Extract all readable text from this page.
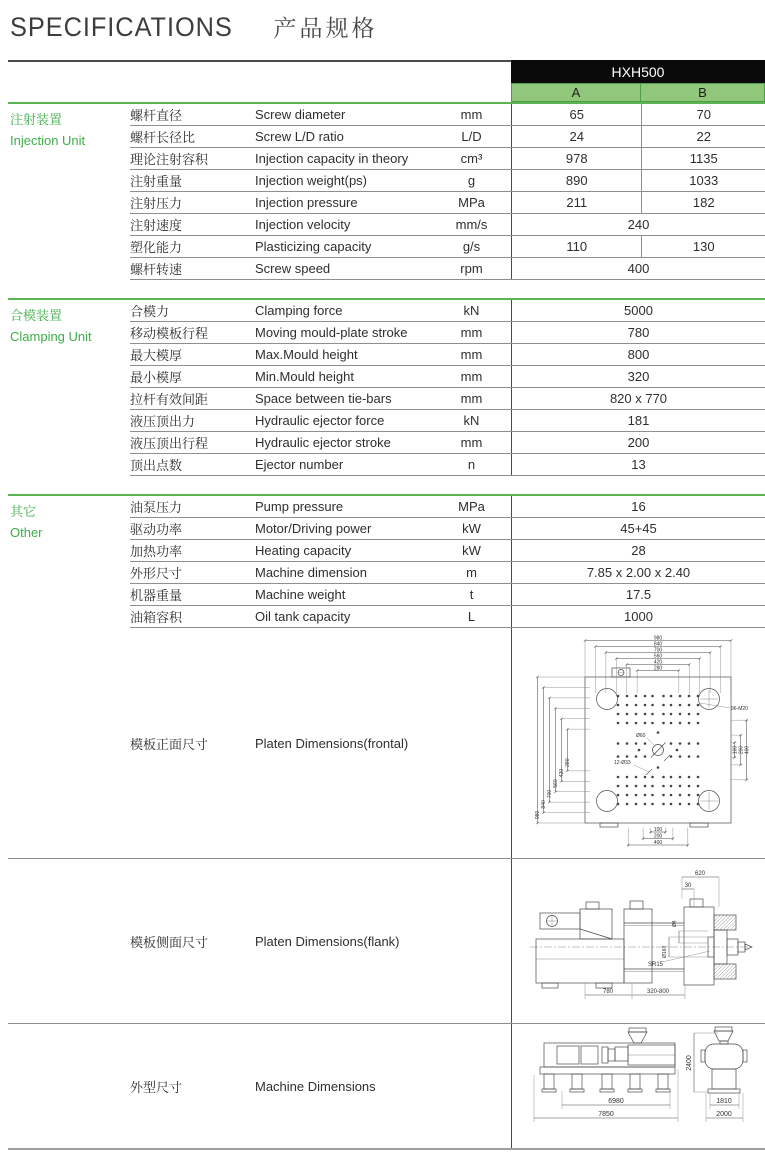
SPECIFICATIONS 产品规格
HXH500
A	B
注射装置
Injection Unit
螺杆直径	Screw diameter	mm	65	70
螺杆长径比	Screw L/D ratio	L/D	24	22
理论注射容积	Injection capacity in theory	cm³	978	1135
注射重量	Injection weight(ps)	g	890	1033
注射压力	Injection pressure	MPa	211	182
注射速度	Injection velocity	mm/s	240
塑化能力	Plasticizing capacity	g/s	110	130
螺杆转速	Screw speed	rpm	400
合模装置
Clamping Unit
合模力	Clamping force	kN	5000
移动模板行程	Moving mould-plate stroke	mm	780
最大模厚	Max.Mould height	mm	800
最小模厚	Min.Mould height	mm	320
拉杆有效间距	Space between tie-bars	mm	820 x 770
液压顶出力	Hydraulic ejector force	kN	181
液压顶出行程	Hydraulic ejector stroke	mm	200
顶出点数	Ejector number	n	13
其它
Other
油泵压力	Pump pressure	MPa	16
驱动功率	Motor/Driving power	kW	45+45
加热功率	Heating capacity	kW	28
外形尺寸	Machine dimension	m	7.85 x 2.00 x 2.40
机器重量	Machine weight	t	17.5
油箱容积	Oil tank capacity	L	1000
模板正面尺寸	Platen Dimensions(frontal)
980
840
700
560
420
280
980
840
700
560
420
280
100 200 400
100
200
400
96-M20
12-Ø33
Ø60
模板侧面尺寸	Platen Dimensions(flank)
620
30
Ø4
Ø160
SR15
780	320-800
外型尺寸	Machine Dimensions
6980
7850
2400
1810
2000
